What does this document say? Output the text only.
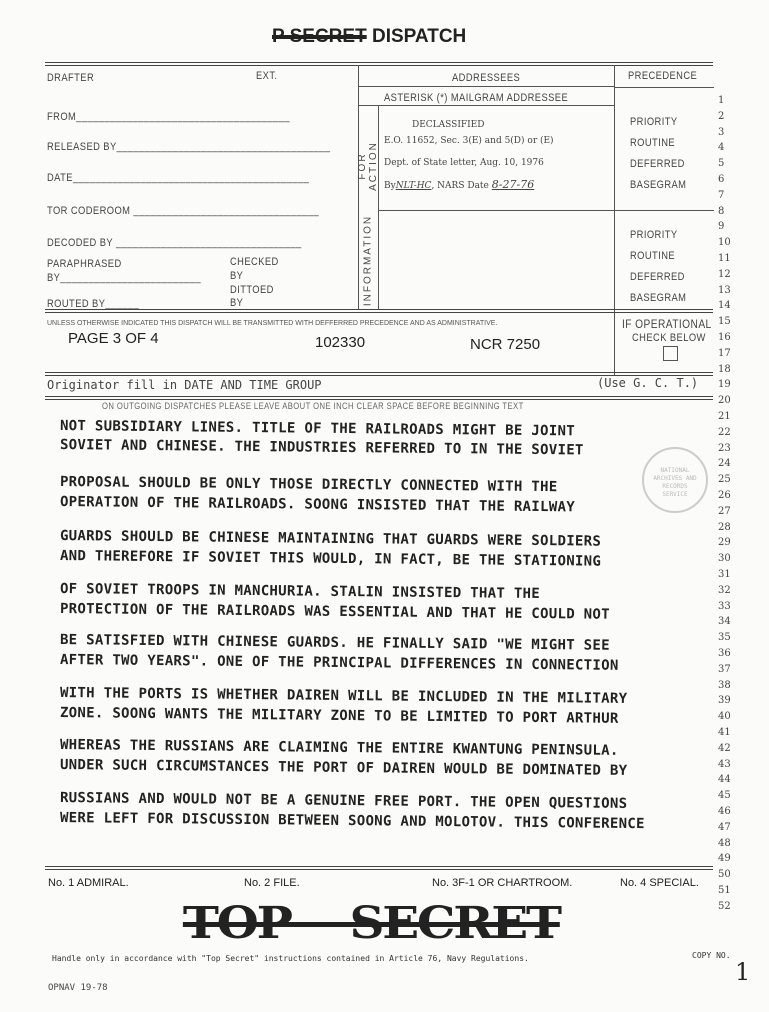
P SECRET DISPATCH
DRAFTER	EXT.	ADDRESSEES	PRECEDENCE
ASTERISK (*) MAILGRAM ADDRESSEE
FROM______________________________________
RELEASED BY______________________________________
DATE__________________________________________
TOR CODEROOM _________________________________
DECODED BY _________________________________
PARAPHRASED
BY_________________________
CHECKED
BY
DITTOED
BY
ROUTED BY______
FOR ACTION
INFORMATION
DECLASSIFIED
E.O. 11652, Sec. 3(E) and 5(D) or (E)
Dept. of State letter, Aug. 10, 1976
ByNLT-HC, NARS Date 8-27-76
PRIORITY
ROUTINE
DEFERRED
BASEGRAM
PRIORITY
ROUTINE
DEFERRED
BASEGRAM
UNLESS OTHERWISE INDICATED THIS DISPATCH WILL BE TRANSMITTED WITH DEFFERRED PRECEDENCE AND AS ADMINISTRATIVE.
PAGE 3 OF 4	102330	NCR 7250
IF OPERATIONAL
CHECK BELOW
Originator fill in DATE AND TIME GROUP	(Use G. C. T.)
ON OUTGOING DISPATCHES PLEASE LEAVE ABOUT ONE INCH CLEAR SPACE BEFORE BEGINNING TEXT
NOT SUBSIDIARY LINES. TITLE OF THE RAILROADS MIGHT BE JOINT
SOVIET AND CHINESE. THE INDUSTRIES REFERRED TO IN THE SOVIET
PROPOSAL SHOULD BE ONLY THOSE DIRECTLY CONNECTED WITH THE
OPERATION OF THE RAILROADS. SOONG INSISTED THAT THE RAILWAY
GUARDS SHOULD BE CHINESE MAINTAINING THAT GUARDS WERE SOLDIERS
AND THEREFORE IF SOVIET THIS WOULD, IN FACT, BE THE STATIONING
OF SOVIET TROOPS IN MANCHURIA. STALIN INSISTED THAT THE
PROTECTION OF THE RAILROADS WAS ESSENTIAL AND THAT HE COULD NOT
BE SATISFIED WITH CHINESE GUARDS. HE FINALLY SAID "WE MIGHT SEE
AFTER TWO YEARS". ONE OF THE PRINCIPAL DIFFERENCES IN CONNECTION
WITH THE PORTS IS WHETHER DAIREN WILL BE INCLUDED IN THE MILITARY
ZONE. SOONG WANTS THE MILITARY ZONE TO BE LIMITED TO PORT ARTHUR
WHEREAS THE RUSSIANS ARE CLAIMING THE ENTIRE KWANTUNG PENINSULA.
UNDER SUCH CIRCUMSTANCES THE PORT OF DAIREN WOULD BE DOMINATED BY
RUSSIANS AND WOULD NOT BE A GENUINE FREE PORT. THE OPEN QUESTIONS
WERE LEFT FOR DISCUSSION BETWEEN SOONG AND MOLOTOV. THIS CONFERENCE
NATIONAL ARCHIVES AND RECORDS SERVICE
No. 1 ADMIRAL.	No. 2 FILE.	No. 3F-1 OR CHARTROOM.	No. 4 SPECIAL.
TOP SECRET
Handle only in accordance with "Top Secret" instructions contained in Article 76, Navy Regulations.	COPY NO.
1
OPNAV 19-78
1
2
3
4
5
6
7
8
9
10
11
12
13
14
15
16
17
18
19
20
21
22
23
24
25
26
27
28
29
30
31
32
33
34
35
36
37
38
39
40
41
42
43
44
45
46
47
48
49
50
51
52
